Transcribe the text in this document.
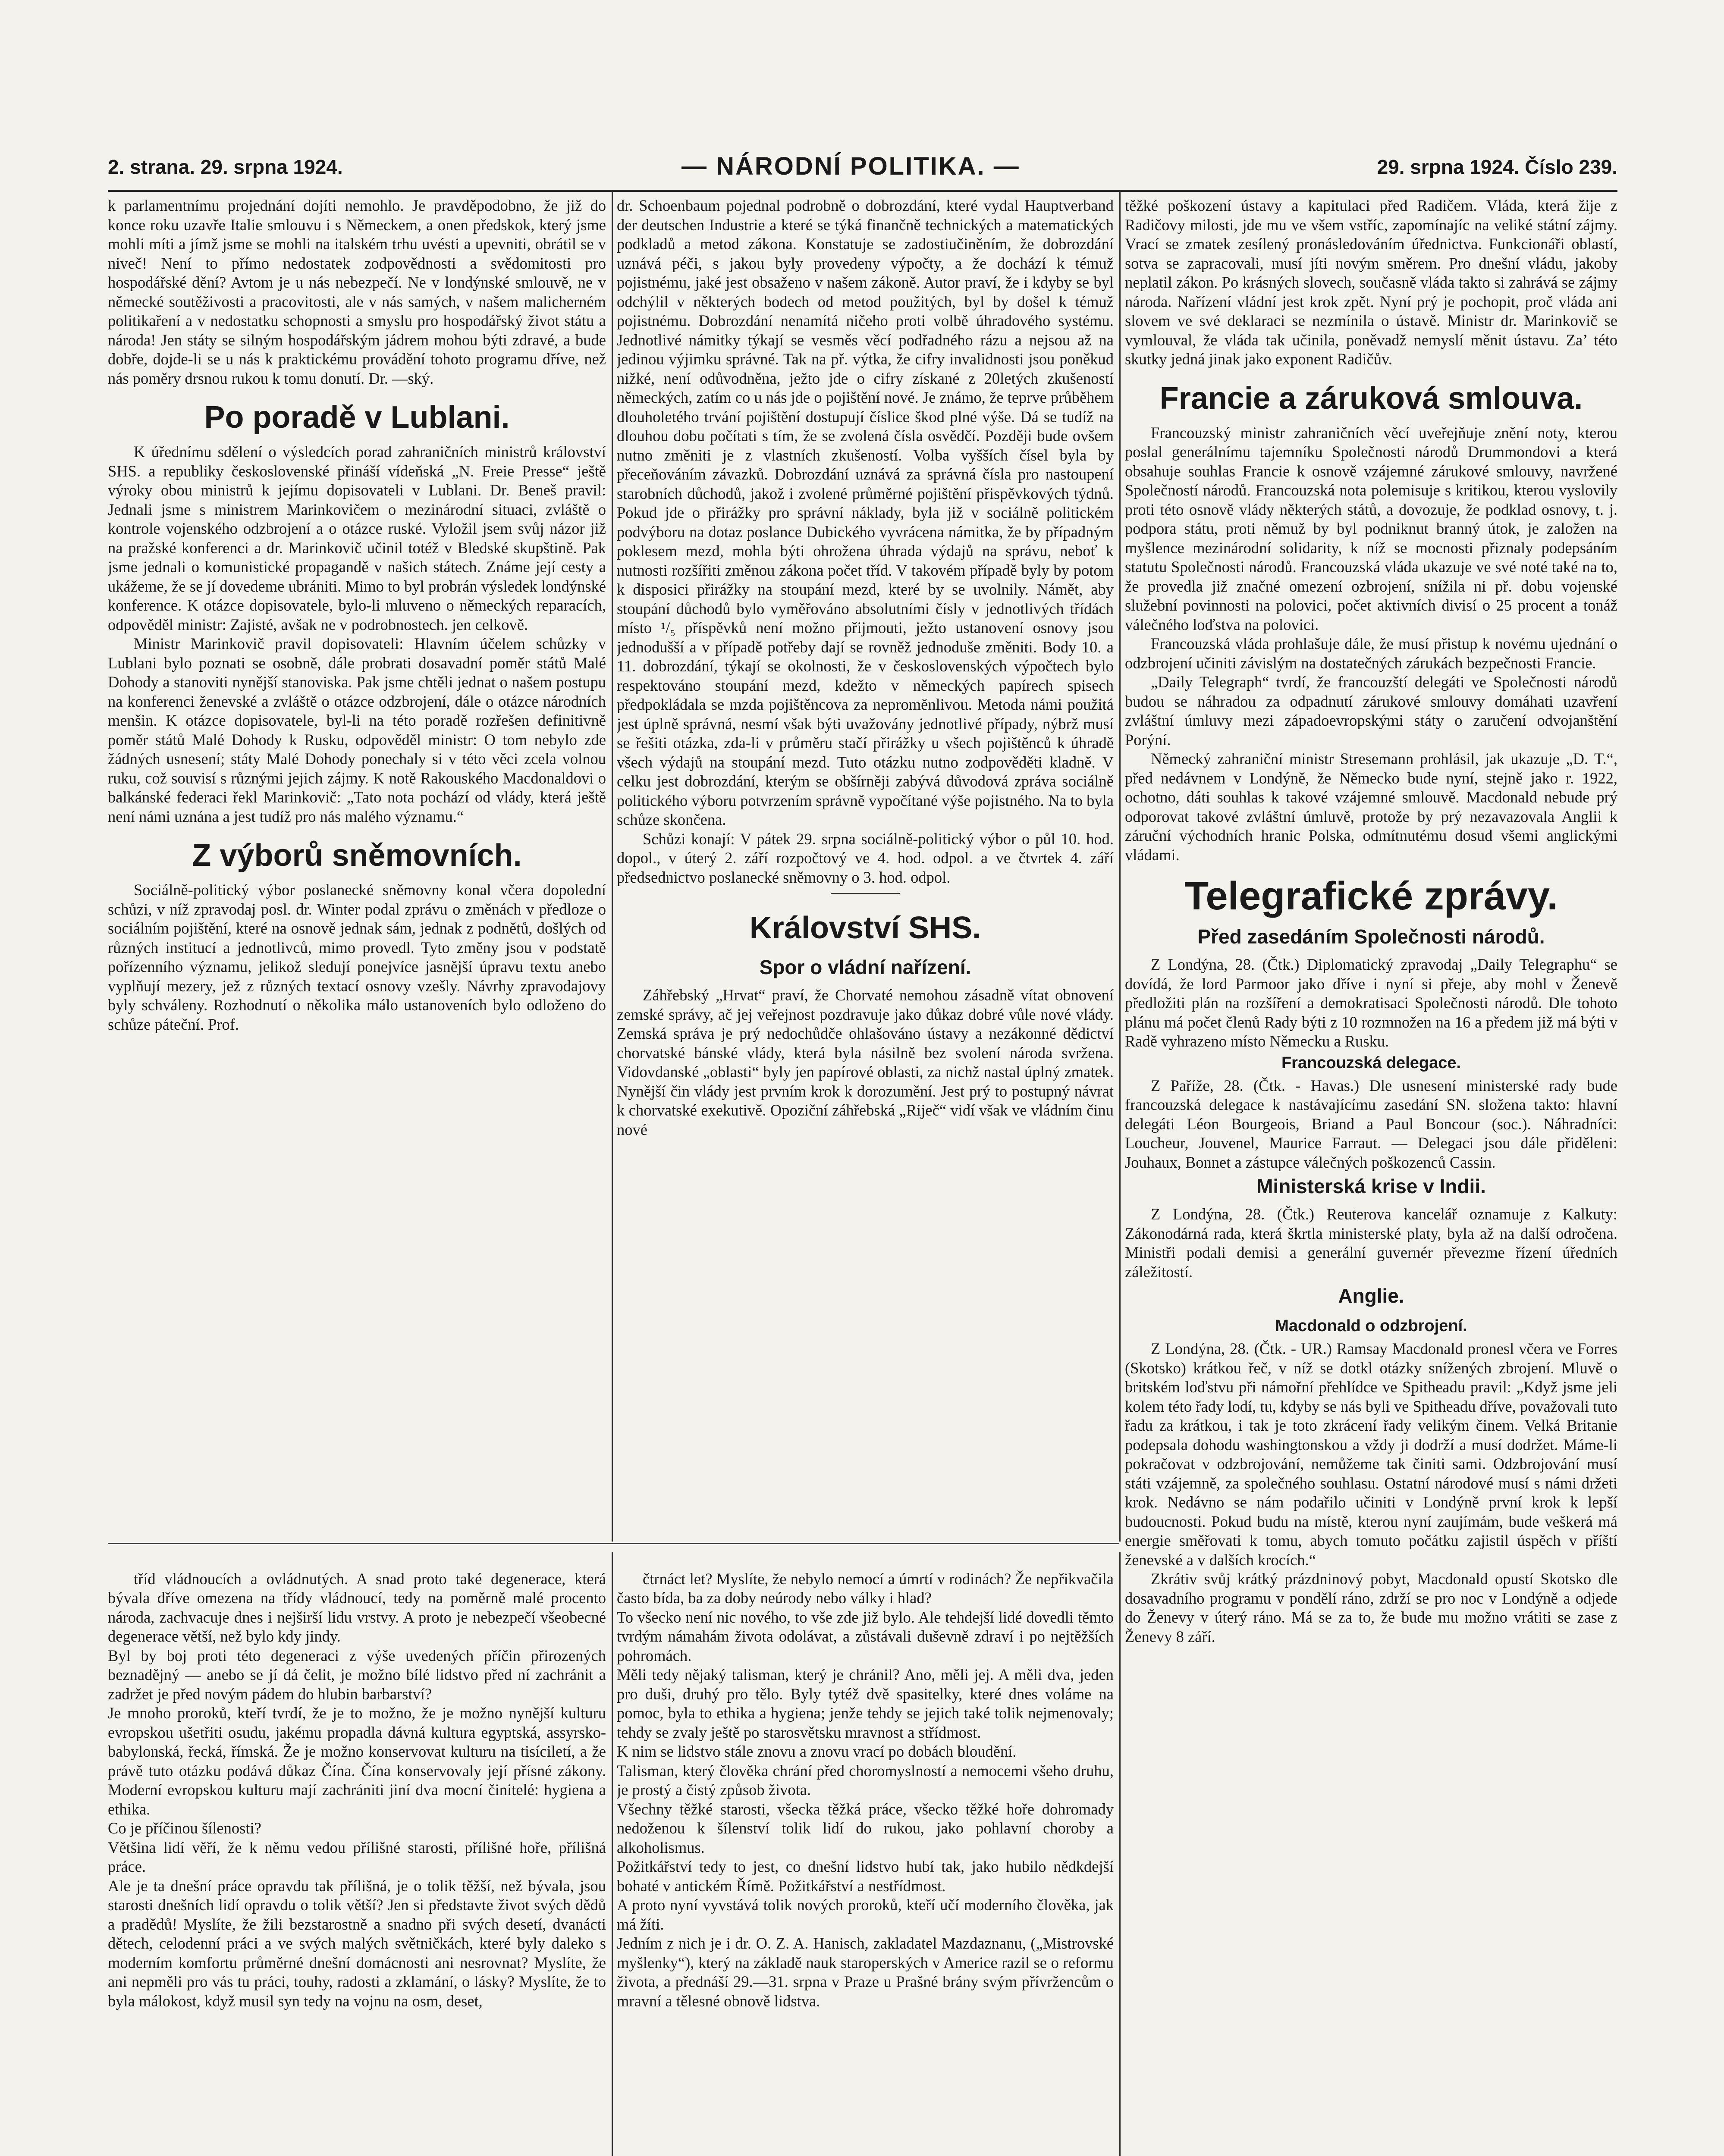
2. strana. 29. srpna 1924.	— NÁRODNÍ POLITIKA. —	29. srpna 1924. Číslo 239.

k parlamentnímu projednání dojíti nemohlo. Je pravděpodobno, že již do konce roku uzavře Italie smlouvu i s Německem, a onen předskok, který jsme mohli míti a jímž jsme se mohli na italském trhu uvésti a upevniti, obrátil se v niveč! Není to přímo nedostatek zodpovědnosti a svědomitosti pro hospodářské dění? Avtom je u nás nebezpečí. Ne v londýnské smlouvě, ne v německé soutěživosti a pracovitosti, ale v nás samých, v našem malicherném politikaření a v nedostatku schopnosti a smyslu pro hospodářský život státu a národa! Jen státy se silným hospodářským jádrem mohou býti zdravé, a bude dobře, dojde-li se u nás k praktickému provádění tohoto programu dříve, než nás poměry drsnou rukou k tomu donutí. Dr. —ský.

Po poradě v Lublani.

K úřednímu sdělení o výsledcích porad zahraničních ministrů království SHS. a republiky československé přináší vídeňská „N. Freie Presse“ ještě výroky obou ministrů k jejímu dopisovateli v Lublani. Dr. Beneš pravil: Jednali jsme s ministrem Marinkovičem o mezinárodní situaci, zvláště o kontrole vojenského odzbrojení a o otázce ruské. Vyložil jsem svůj názor již na pražské konferenci a dr. Marinkovič učinil totéž v Bledské skupštině. Pak jsme jednali o komunistické propagandě v našich státech. Známe její cesty a ukážeme, že se jí dovedeme ubrániti. Mimo to byl probrán výsledek londýnské konference. K otázce dopisovatele, bylo-li mluveno o německých reparacích, odpověděl ministr: Zajisté, avšak ne v podrobnostech. jen celkově.

Ministr Marinkovič pravil dopisovateli: Hlavním účelem schůzky v Lublani bylo poznati se osobně, dále probrati dosavadní poměr států Malé Dohody a stanoviti nynější stanoviska. Pak jsme chtěli jednat o našem postupu na konferenci ženevské a zvláště o otázce odzbrojení, dále o otázce národních menšin. K otázce dopisovatele, byl-li na této poradě rozřešen definitivně poměr států Malé Dohody k Rusku, odpověděl ministr: O tom nebylo zde žádných usnesení; státy Malé Dohody ponechaly si v této věci zcela volnou ruku, což souvisí s různými jejich zájmy. K notě Rakouského Macdonaldovi o balkánské federaci řekl Marinkovič: „Tato nota pochází od vlády, která ještě není námi uznána a jest tudíž pro nás malého významu.“

Z výborů sněmovních.

Sociálně-politický výbor poslanecké sněmovny konal včera dopolední schůzi, v níž zpravodaj posl. dr. Winter podal zprávu o změnách v předloze o sociálním pojištění, které na osnově jednak sám, jednak z podnětů, došlých od různých institucí a jednotlivců, mimo provedl. Tyto změny jsou v podstatě pořízenního významu, jelikož sledují ponejvíce jasnější úpravu textu anebo vyplňují mezery, jež z různých textací osnovy vzešly. Návrhy zpravodajovy byly schváleny. Rozhodnutí o několika málo ustanoveních bylo odloženo do schůze páteční. Prof.

dr. Schoenbaum pojednal podrobně o dobrozdání, které vydal Hauptverband der deutschen Industrie a které se týká finančně technických a matematických podkladů a metod zákona. Konstatuje se zadostiučiněním, že dobrozdání uznává péči, s jakou byly provedeny výpočty, a že dochází k témuž pojistnému, jaké jest obsaženo v našem zákoně. Autor praví, že i kdyby se byl odchýlil v některých bodech od metod použitých, byl by došel k témuž pojistnému. Dobrozdání nenamítá ničeho proti volbě úhradového systému. Jednotlivé námitky týkají se vesměs věcí podřadného rázu a nejsou až na jedinou výjimku správné. Tak na př. výtka, že cifry invalidnosti jsou poněkud nižké, není odůvodněna, ježto jde o cifry získané z 20letých zkušeností německých, zatím co u nás jde o pojištění nové. Je známo, že teprve průběhem dlouholetého trvání pojištění dostupují číslice škod plné výše. Dá se tudíž na dlouhou dobu počítati s tím, že se zvolená čísla osvědčí. Později bude ovšem nutno změniti je z vlastních zkušeností. Volba vyšších čísel byla by přeceňováním závazků. Dobrozdání uznává za správná čísla pro nastoupení starobních důchodů, jakož i zvolené průměrné pojištění přispěvkových týdnů. Pokud jde o přirážky pro správní náklady, byla již v sociálně politickém podvýboru na dotaz poslance Dubického vyvrácena námitka, že by případným poklesem mezd, mohla býti ohrožena úhrada výdajů na správu, neboť k nutnosti rozšířiti změnou zákona počet tříd. V takovém případě byly by potom k disposici přirážky na stoupání mezd, které by se uvolnily. Námět, aby stoupání důchodů bylo vyměřováno absolutními čísly v jednotlivých třídách místo ¹/₅ příspěvků není možno přijmouti, ježto ustanovení osnovy jsou jednodušší a v případě potřeby dají se rovněž jednoduše změniti. Body 10. a 11. dobrozdání, týkají se okolnosti, že v československých výpočtech bylo respektováno stoupání mezd, kdežto v německých papírech spisech předpokládala se mzda pojištěncova za nepromĕnlivou. Metoda námi použitá jest úplně správná, nesmí však býti uvažovány jednotlivé případy, nýbrž musí se řešiti otázka, zda-li v průměru stačí přirážky u všech pojištěnců k úhradě všech výdajů na stoupání mezd. Tuto otázku nutno zodpověděti kladně. V celku jest dobrozdání, kterým se obšírněji zabývá důvodová zpráva sociálně politického výboru potvrzením správně vypočítané výše pojistného. Na to byla schůze skončena.

Schůzi konají: V pátek 29. srpna sociálně-politický výbor o půl 10. hod. dopol., v úterý 2. září rozpočtový ve 4. hod. odpol. a ve čtvrtek 4. září předsednictvo poslanecké sněmovny o 3. hod. odpol.

Království SHS.
Spor o vládní nařízení.

Záhřebský „Hrvat“ praví, že Chorvaté nemohou zásadně vítat obnovení zemské správy, ač jej veřejnost pozdravuje jako důkaz dobré vůle nové vlády. Zemská správa je prý nedochůdče ohlašováno ústavy a nezákonné dědictví chorvatské bánské vlády, která byla násilně bez svolení národa svržena. Vidovdanské „oblasti“ byly jen papírové oblasti, za nichž nastal úplný zmatek. Nynější čin vlády jest prvním krok k dorozumění. Jest prý to postupný návrat k chorvatské exekutivě. Opoziční záhřebská „Riječ“ vidí však ve vládním činu nové

těžké poškození ústavy a kapitulaci před Radičem. Vláda, která žije z Radičovy milosti, jde mu ve všem vstříc, zapomínajíc na veliké státní zájmy. Vrací se zmatek zesílený pronásledováním úřednictva. Funkcionáři oblastí, sotva se zapracovali, musí jíti novým směrem. Pro dnešní vládu, jakoby neplatil zákon. Po krásných slovech, současně vláda takto si zahrává se zájmy národa. Nařízení vládní jest krok zpět. Nyní prý je pochopit, proč vláda ani slovem ve své deklaraci se nezmínila o ústavě. Ministr dr. Marinkovič se vymlouval, že vláda tak učinila, poněvadž nemyslí měnit ústavu. Za’ této skutky jedná jinak jako exponent Radičův.

Francie a záruková smlouva.

Francouzský ministr zahraničních věcí uveřejňuje znění noty, kterou poslal generálnímu tajemníku Společnosti národů Drummondovi a která obsahuje souhlas Francie k osnově vzájemné zárukové smlouvy, navržené Společností národů. Francouzská nota polemisuje s kritikou, kterou vyslovily proti této osnově vlády některých států, a dovozuje, že podklad osnovy, t. j. podpora státu, proti němuž by byl podniknut branný útok, je založen na myšlence mezinárodní solidarity, k níž se mocnosti přiznaly podepsáním statutu Společnosti národů. Francouzská vláda ukazuje ve své noté také na to, že provedla již značné omezení ozbrojení, snížila ni př. dobu vojenské služební povinnosti na polovici, počet aktivních divisí o 25 procent a tonáž válečného loďstva na polovici.

Francouzská vláda prohlašuje dále, že musí přistup k novému ujednání o odzbrojení učiniti závislým na dostatečných zárukách bezpečnosti Francie.

„Daily Telegraph“ tvrdí, že francouzští delegáti ve Společnosti národů budou se náhradou za odpadnutí zárukové smlouvy domáhati uzavření zvláštní úmluvy mezi západoevropskými státy o zaručení odvojanštění Porýní.

Německý zahraniční ministr Stresemann prohlásil, jak ukazuje „D. T.“, před nedávnem v Londýně, že Německo bude nyní, stejně jako r. 1922, ochotno, dáti souhlas k takové vzájemné smlouvě. Macdonald nebude prý odporovat takové zvláštní úmluvě, protože by prý nezavazovala Anglii k záruční východních hranic Polska, odmítnutému dosud všemi anglickými vládami.

Telegrafické zprávy.
Před zasedáním Společnosti národů.

Z Londýna, 28. (Čtk.) Diplomatický zpravodaj „Daily Telegraphu“ se dovídá, že lord Parmoor jako dříve i nyní si přeje, aby mohl v Ženevě předložiti plán na rozšíření a demokratisaci Společnosti národů. Dle tohoto plánu má počet členů Rady býti z 10 rozmnožen na 16 a předem již má býti v Radě vyhrazeno místo Německu a Rusku.

Francouzská delegace.

Z Paříže, 28. (Čtk. - Havas.) Dle usnesení ministerské rady bude francouzská delegace k nastávajícímu zasedání SN. složena takto: hlavní delegáti Léon Bourgeois, Briand a Paul Boncour (soc.). Náhradníci: Loucheur, Jouvenel, Maurice Farraut. — Delegaci jsou dále přiděleni: Jouhaux, Bonnet a zástupce válečných poškozenců Cassin.

Ministerská krise v Indii.

Z Londýna, 28. (Čtk.) Reuterova kancelář oznamuje z Kalkuty: Zákonodárná rada, která škrtla ministerské platy, byla až na další odročena. Ministři podali demisi a generální guvernér převezme řízení úředních záležitostí.

Anglie.
Macdonald o odzbrojení.

Z Londýna, 28. (Čtk. - UR.) Ramsay Macdonald pronesl včera ve Forres (Skotsko) krátkou řeč, v níž se dotkl otázky snížených zbrojení. Mluvě o britském loďstvu při námořní přehlídce ve Spitheadu pravil: „Když jsme jeli kolem této řady lodí, tu, kdyby se nás byli ve Spitheadu dříve, považovali tuto řadu za krátkou, i tak je toto zkrácení řady velikým činem. Velká Britanie podepsala dohodu washingtonskou a vždy ji dodrží a musí dodržet. Máme-li pokračovat v odzbrojování, nemůžeme tak činiti sami. Odzbrojování musí státi vzájemně, za společného souhlasu. Ostatní národové musí s námi držeti krok. Nedávno se nám podařilo učiniti v Londýně první krok k lepší budoucnosti. Pokud budu na místě, kterou nyní zaujímám, bude veškerá má energie směřovati k tomu, abych tomuto počátku zajistil úspěch v příští ženevské a v dalších krocích.“

Zkrátiv svůj krátký prázdninový pobyt, Macdonald opustí Skotsko dle dosavadního programu v pondělí ráno, zdrží se pro noc v Londýně a odjede do Ženevy v úterý ráno. Má se za to, že bude mu možno vrátiti se zase z Ženevy 8 září.

tříd vládnoucích a ovládnutých. A snad proto také degenerace, která bývala dříve omezena na třídy vládnoucí, tedy na poměrně malé procento národa, zachvacuje dnes i nejširší lidu vrstvy. A proto je nebezpečí všeobecné degenerace větší, než bylo kdy jindy.
Byl by boj proti této degeneraci z výše uvedených příčin přirozených beznadějný — anebo se jí dá čelit, je možno bílé lidstvo před ní zachránit a zadržet je před novým pádem do hlubin barbarství?
Je mnoho proroků, kteří tvrdí, že je to možno, že je možno nynější kulturu evropskou ušetřiti osudu, jakému propadla dávná kultura egyptská, assyrsko-babylonská, řecká, římská. Že je možno konservovat kulturu na tisíciletí, a že právě tuto otázku podává důkaz Čína. Čína konservovaly její přísné zákony. Moderní evropskou kulturu mají zachrániti jiní dva mocní činitelé: hygiena a ethika.
Co je příčinou šílenosti?
Většina lidí věří, že k němu vedou přílišné starosti, přílišné hoře, přílišná práce.
Ale je ta dnešní práce opravdu tak přílišná, je o tolik těžší, než bývala, jsou starosti dnešních lidí opravdu o tolik větší? Jen si představte život svých dědů a pradědů! Myslíte, že žili bezstarostně a snadno při svých desetí, dvanácti dětech, celodenní práci a ve svých malých světničkách, které byly daleko s moderním komfortu průměrné dnešní domácnosti ani nesrovnat? Myslíte, že ani nepměli pro vás tu práci, touhy, radosti a zklamání, o lásky? Myslíte, že to byla málokost, když musil syn tedy na vojnu na osm, deset,

čtrnáct let? Myslíte, že nebylo nemocí a úmrtí v rodinách? Že nepřikvačila často bída, ba za doby neúrody nebo války i hlad?
To všecko není nic nového, to vše zde již bylo. Ale tehdejší lidé dovedli těmto tvrdým námahám života odolávat, a zůstávali duševně zdraví i po nejtěžších pohromách.
Měli tedy nějaký talisman, který je chránil? Ano, měli jej. A měli dva, jeden pro duši, druhý pro tělo. Byly tytéž dvě spasitelky, které dnes voláme na pomoc, byla to ethika a hygiena; jenže tehdy se jejich také tolik nejmenovaly; tehdy se zvaly ještě po starosvětsku mravnost a střídmost.
K nim se lidstvo stále znovu a znovu vrací po dobách bloudění.
Talisman, který člověka chrání před choromyslností a nemocemi všeho druhu, je prostý a čistý způsob života.
Všechny těžké starosti, všecka těžká práce, všecko těžké hoře dohromady nedoženou k šílenství tolik lidí do rukou, jako pohlavní choroby a alkoholismus.
Požitkářství tedy to jest, co dnešní lidstvo hubí tak, jako hubilo nědkdejší bohaté v antickém Římě. Požitkářství a nestřídmost.
A proto nyní vyvstává tolik nových proroků, kteří učí moderního člověka, jak má žíti.
Jedním z nich je i dr. O. Z. A. Hanisch, zakladatel Mazdaznanu, („Mistrovské myšlenky“), který na základě nauk staroperských v Americe razil se o reformu života, a přednáší 29.—31. srpna v Praze u Prašné brány svým přívržencům o mravní a tělesné obnově lidstva.
